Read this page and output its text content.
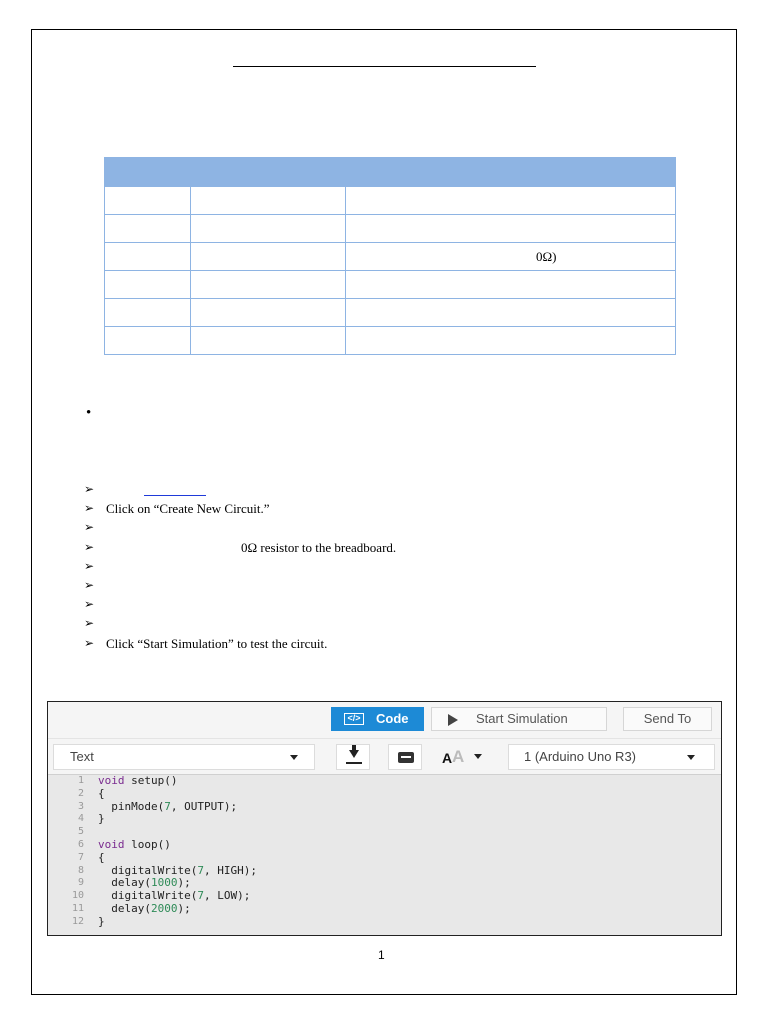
		0Ω)

•
➢
➢ Click on “Create New Circuit.”
➢
➢	0Ω resistor to the breadboard.
➢
➢
➢
➢
➢ Click “Start Simulation” to test the circuit.
</> Code	Start Simulation	Send To
Text	A A	1 (Arduino Uno R3)
1 void setup()
2 {
3 pinMode(7, OUTPUT);
4 }
5
6 void loop()
7 {
8 digitalWrite(7, HIGH);
9 delay(1000);
10 digitalWrite(7, LOW);
11 delay(2000);
12 }
1
